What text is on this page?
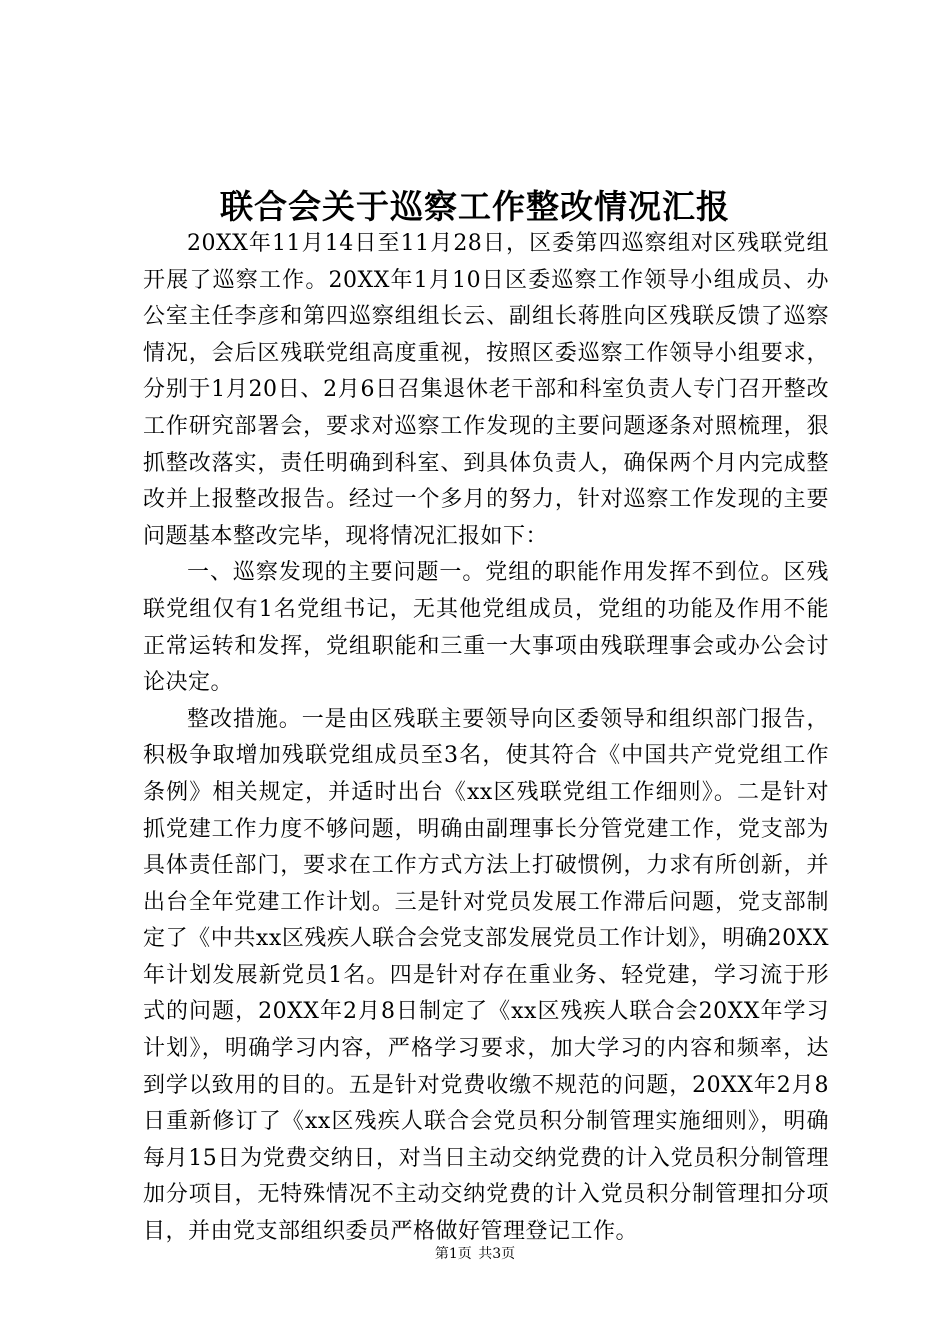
联合会关于巡察工作整改情况汇报

20XX年11月14日至11月28日，区委第四巡察组对区残联党组开展了巡察工作。20XX年1月10日区委巡察工作领导小组成员、办公室主任李彦和第四巡察组组长云、副组长蒋胜向区残联反馈了巡察情况，会后区残联党组高度重视，按照区委巡察工作领导小组要求，分别于1月20日、2月6日召集退休老干部和科室负责人专门召开整改工作研究部署会，要求对巡察工作发现的主要问题逐条对照梳理，狠抓整改落实，责任明确到科室、到具体负责人，确保两个月内完成整改并上报整改报告。经过一个多月的努力，针对巡察工作发现的主要问题基本整改完毕，现将情况汇报如下：

一、巡察发现的主要问题一。党组的职能作用发挥不到位。区残联党组仅有1名党组书记，无其他党组成员，党组的功能及作用不能正常运转和发挥，党组职能和三重一大事项由残联理事会或办公会讨论决定。

整改措施。一是由区残联主要领导向区委领导和组织部门报告，积极争取增加残联党组成员至3名，使其符合《中国共产党党组工作条例》相关规定，并适时出台《xx区残联党组工作细则》。二是针对抓党建工作力度不够问题，明确由副理事长分管党建工作，党支部为具体责任部门，要求在工作方式方法上打破惯例，力求有所创新，并出台全年党建工作计划。三是针对党员发展工作滞后问题，党支部制定了《中共xx区残疾人联合会党支部发展党员工作计划》，明确20XX年计划发展新党员1名。四是针对存在重业务、轻党建，学习流于形式的问题，20XX年2月8日制定了《xx区残疾人联合会20XX年学习计划》，明确学习内容，严格学习要求，加大学习的内容和频率，达到学以致用的目的。五是针对党费收缴不规范的问题，20XX年2月8日重新修订了《xx区残疾人联合会党员积分制管理实施细则》，明确每月15日为党费交纳日，对当日主动交纳党费的计入党员积分制管理加分项目，无特殊情况不主动交纳党费的计入党员积分制管理扣分项目，并由党支部组织委员严格做好管理登记工作。

第1页 共3页
